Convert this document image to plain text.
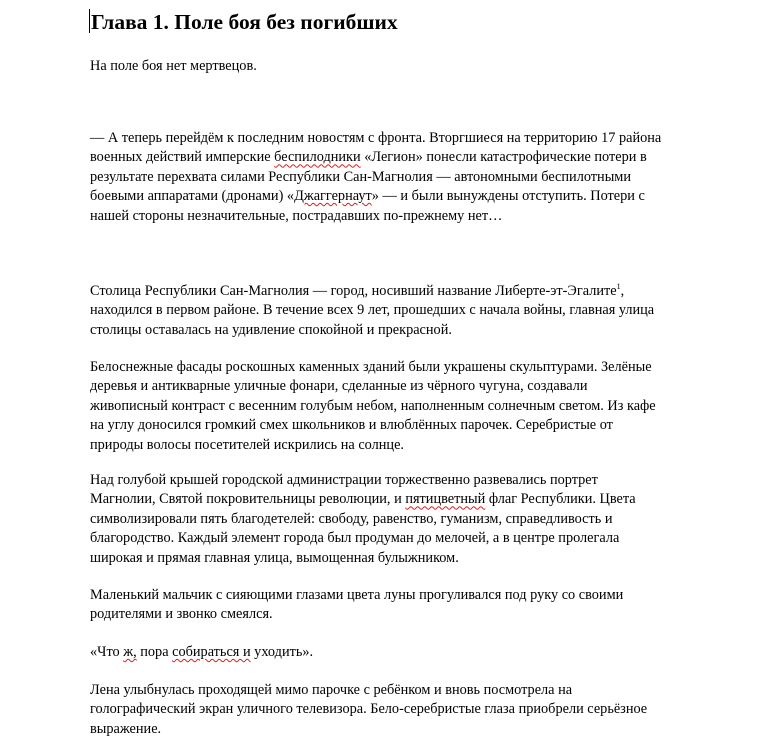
Глава 1. Поле боя без погибших

На поле боя нет мертвецов.

— А теперь перейдём к последним новостям с фронта. Вторгшиеся на территорию 17 района
военных действий имперские беспилодники «Легион» понесли катастрофические потери в
результате перехвата силами Республики Сан-Магнолия — автономными беспилотными
боевыми аппаратами (дронами) «Джаггернаут» — и были вынуждены отступить. Потери с
нашей стороны незначительные, пострадавших по-прежнему нет…

Столица Республики Сан-Магнолия — город, носивший название Либерте-эт-Эгалите$^1$,
находился в первом районе. В течение всех 9 лет, прошедших с начала войны, главная улица
столицы оставалась на удивление спокойной и прекрасной.

Белоснежные фасады роскошных каменных зданий были украшены скульптурами. Зелёные
деревья и антикварные уличные фонари, сделанные из чёрного чугуна, создавали
живописный контраст с весенним голубым небом, наполненным солнечным светом. Из кафе
на углу доносился громкий смех школьников и влюблённых парочек. Серебристые от
природы волосы посетителей искрились на солнце.

Над голубой крышей городской администрации торжественно развевались портрет
Магнолии, Святой покровительницы революции, и пятицветный флаг Республики. Цвета
символизировали пять благодетелей: свободу, равенство, гуманизм, справедливость и
благородство. Каждый элемент города был продуман до мелочей, а в центре пролегала
широкая и прямая главная улица, вымощенная булыжником.

Маленький мальчик с сияющими глазами цвета луны прогуливался под руку со своими
родителями и звонко смеялся.

«Что ж, пора собираться и уходить».

Лена улыбнулась проходящей мимо парочке с ребёнком и вновь посмотрела на
голографический экран уличного телевизора. Бело-серебристые глаза приобрели серьёзное
выражение.
